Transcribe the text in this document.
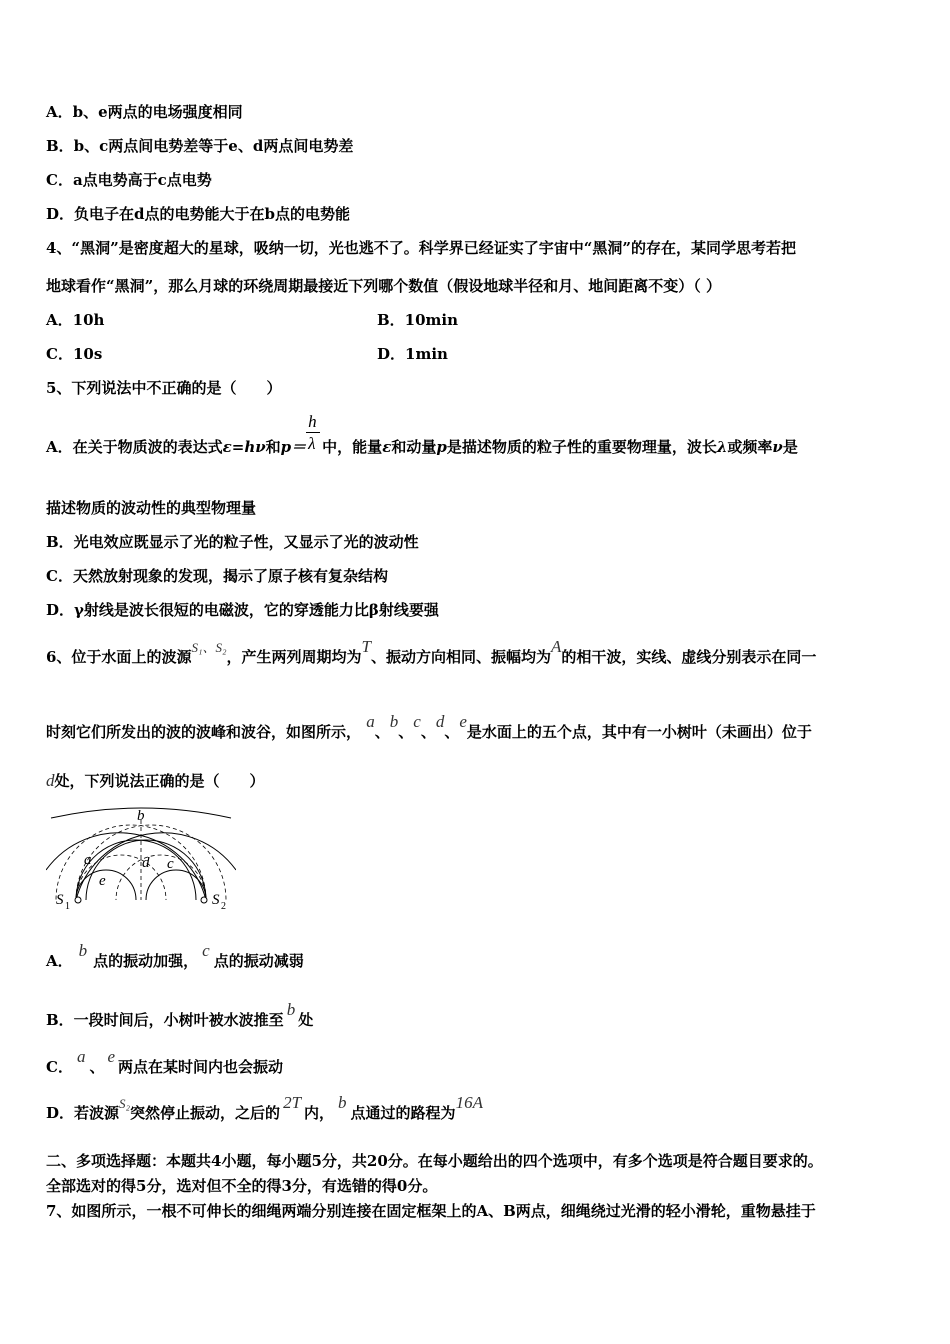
A．b、e两点的电场强度相同
B．b、c两点间电势差等于e、d两点间电势差
C．a点电势高于c点电势
D．负电子在d点的电势能大于在b点的电势能
4、“黑洞”是密度超大的星球，吸纳一切，光也逃不了。科学界已经证实了宇宙中“黑洞”的存在，某同学思考若把
地球看作“黑洞”，那么月球的环绕周期最接近下列哪个数值（假设地球半径和月、地间距离不变）（ ）
A．10h	B．10min
C．10s	D．1min
5、下列说法中不正确的是（　　）
A．在关于物质波的表达式ε=hν和$p= \frac{h}{\lambda}$ 中，能量ε和动量p是描述物质的粒子性的重要物理量，波长λ或频率ν是
描述物质的波动性的典型物理量
B．光电效应既显示了光的粒子性，又显示了光的波动性
C．天然放射现象的发现，揭示了原子核有复杂结构
D．γ射线是波长很短的电磁波，它的穿透能力比β射线要强
6、位于水面上的波源S₁、S₂，产生两列周期均为T、振动方向相同、振幅均为A的相干波，实线、虚线分别表示在同一
时刻它们所发出的波的波峰和波谷，如图所示， a、b、c、d、e是水面上的五个点，其中有一小树叶（未画出）位于
d处，下列说法正确的是（　　）
b
a	d c
e
S 1	S 2
A．b点的振动加强，c点的振动减弱
B．一段时间后，小树叶被水波推至b处
C．a、e两点在某时间内也会振动
D．若波源S₂突然停止振动，之后的2T内，b点通过的路程为16A
二、多项选择题：本题共4小题，每小题5分，共20分。在每小题给出的四个选项中，有多个选项是符合题目要求的。
全部选对的得5分，选对但不全的得3分，有选错的得0分。
7、如图所示，一根不可伸长的细绳两端分别连接在固定框架上的A、B两点，细绳绕过光滑的轻小滑轮，重物悬挂于
